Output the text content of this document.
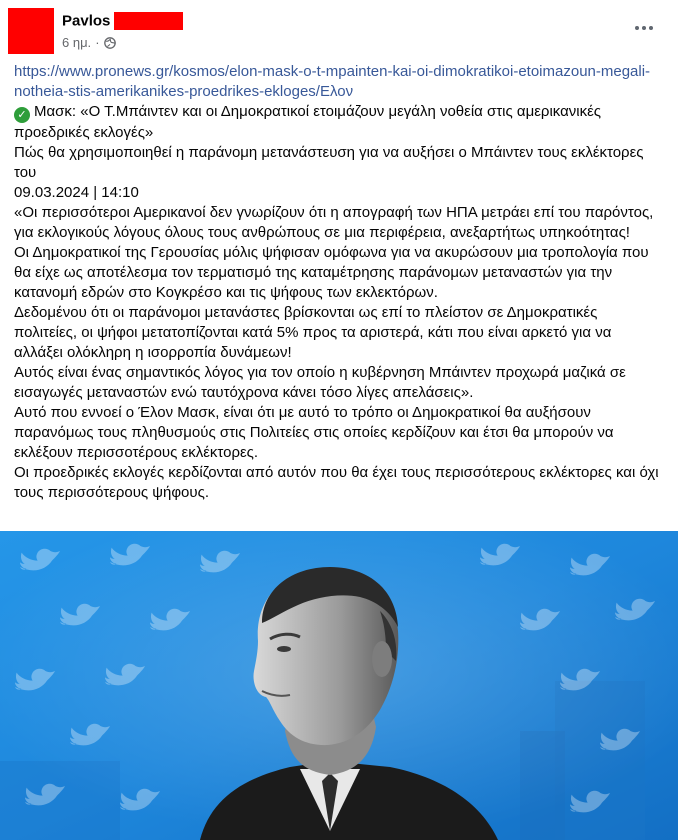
Pavlos
6 ημ. ·
https://www.pronews.gr/kosmos/elon-mask-o-t-mpainten-kai-oi-dimokratikoi-etoimazoun-megali-notheia-stis-amerikanikes-proedrikes-ekloges/Ελον

✓ Μασκ: «Ο Τ.Μπάιντεν και οι Δημοκρατικοί ετοιμάζουν μεγάλη νοθεία στις αμερικανικές προεδρικές εκλογές»

Πώς θα χρησιμοποιηθεί η παράνομη μετανάστευση για να αυξήσει ο Μπάιντεν τους εκλέκτορες του

09.03.2024 | 14:10

«Οι περισσότεροι Αμερικανοί δεν γνωρίζουν ότι η απογραφή των ΗΠΑ μετράει επί του παρόντος, για εκλογικούς λόγους όλους τους ανθρώπους σε μια περιφέρεια, ανεξαρτήτως υπηκοότητας!

Οι Δημοκρατικοί της Γερουσίας μόλις ψήφισαν ομόφωνα για να ακυρώσουν μια τροπολογία που θα είχε ως αποτέλεσμα τον τερματισμό της καταμέτρησης παράνομων μεταναστών για την κατανομή εδρών στο Κογκρέσο και τις ψήφους των εκλεκτόρων.

Δεδομένου ότι οι παράνομοι μετανάστες βρίσκονται ως επί το πλείστον σε Δημοκρατικές πολιτείες, οι ψήφοι μετατοπίζονται κατά 5% προς τα αριστερά, κάτι που είναι αρκετό για να αλλάξει ολόκληρη η ισορροπία δυνάμεων!

Αυτός είναι ένας σημαντικός λόγος για τον οποίο η κυβέρνηση Μπάιντεν προχωρά μαζικά σε εισαγωγές μεταναστών ενώ ταυτόχρονα κάνει τόσο λίγες απελάσεις».

Αυτό που εννοεί ο Έλον Μασκ, είναι ότι με αυτό το τρόπο οι Δημοκρατικοί θα αυξήσουν παρανόμως τους πληθυσμούς στις Πολιτείες στις οποίες κερδίζουν και έτσι θα μπορούν να εκλέξουν περισσοτέρους εκλέκτορες.

Οι προεδρικές εκλογές κερδίζονται από αυτόν που θα έχει τους περισσότερους εκλέκτορες και όχι τους περισσότερους ψήφους.
